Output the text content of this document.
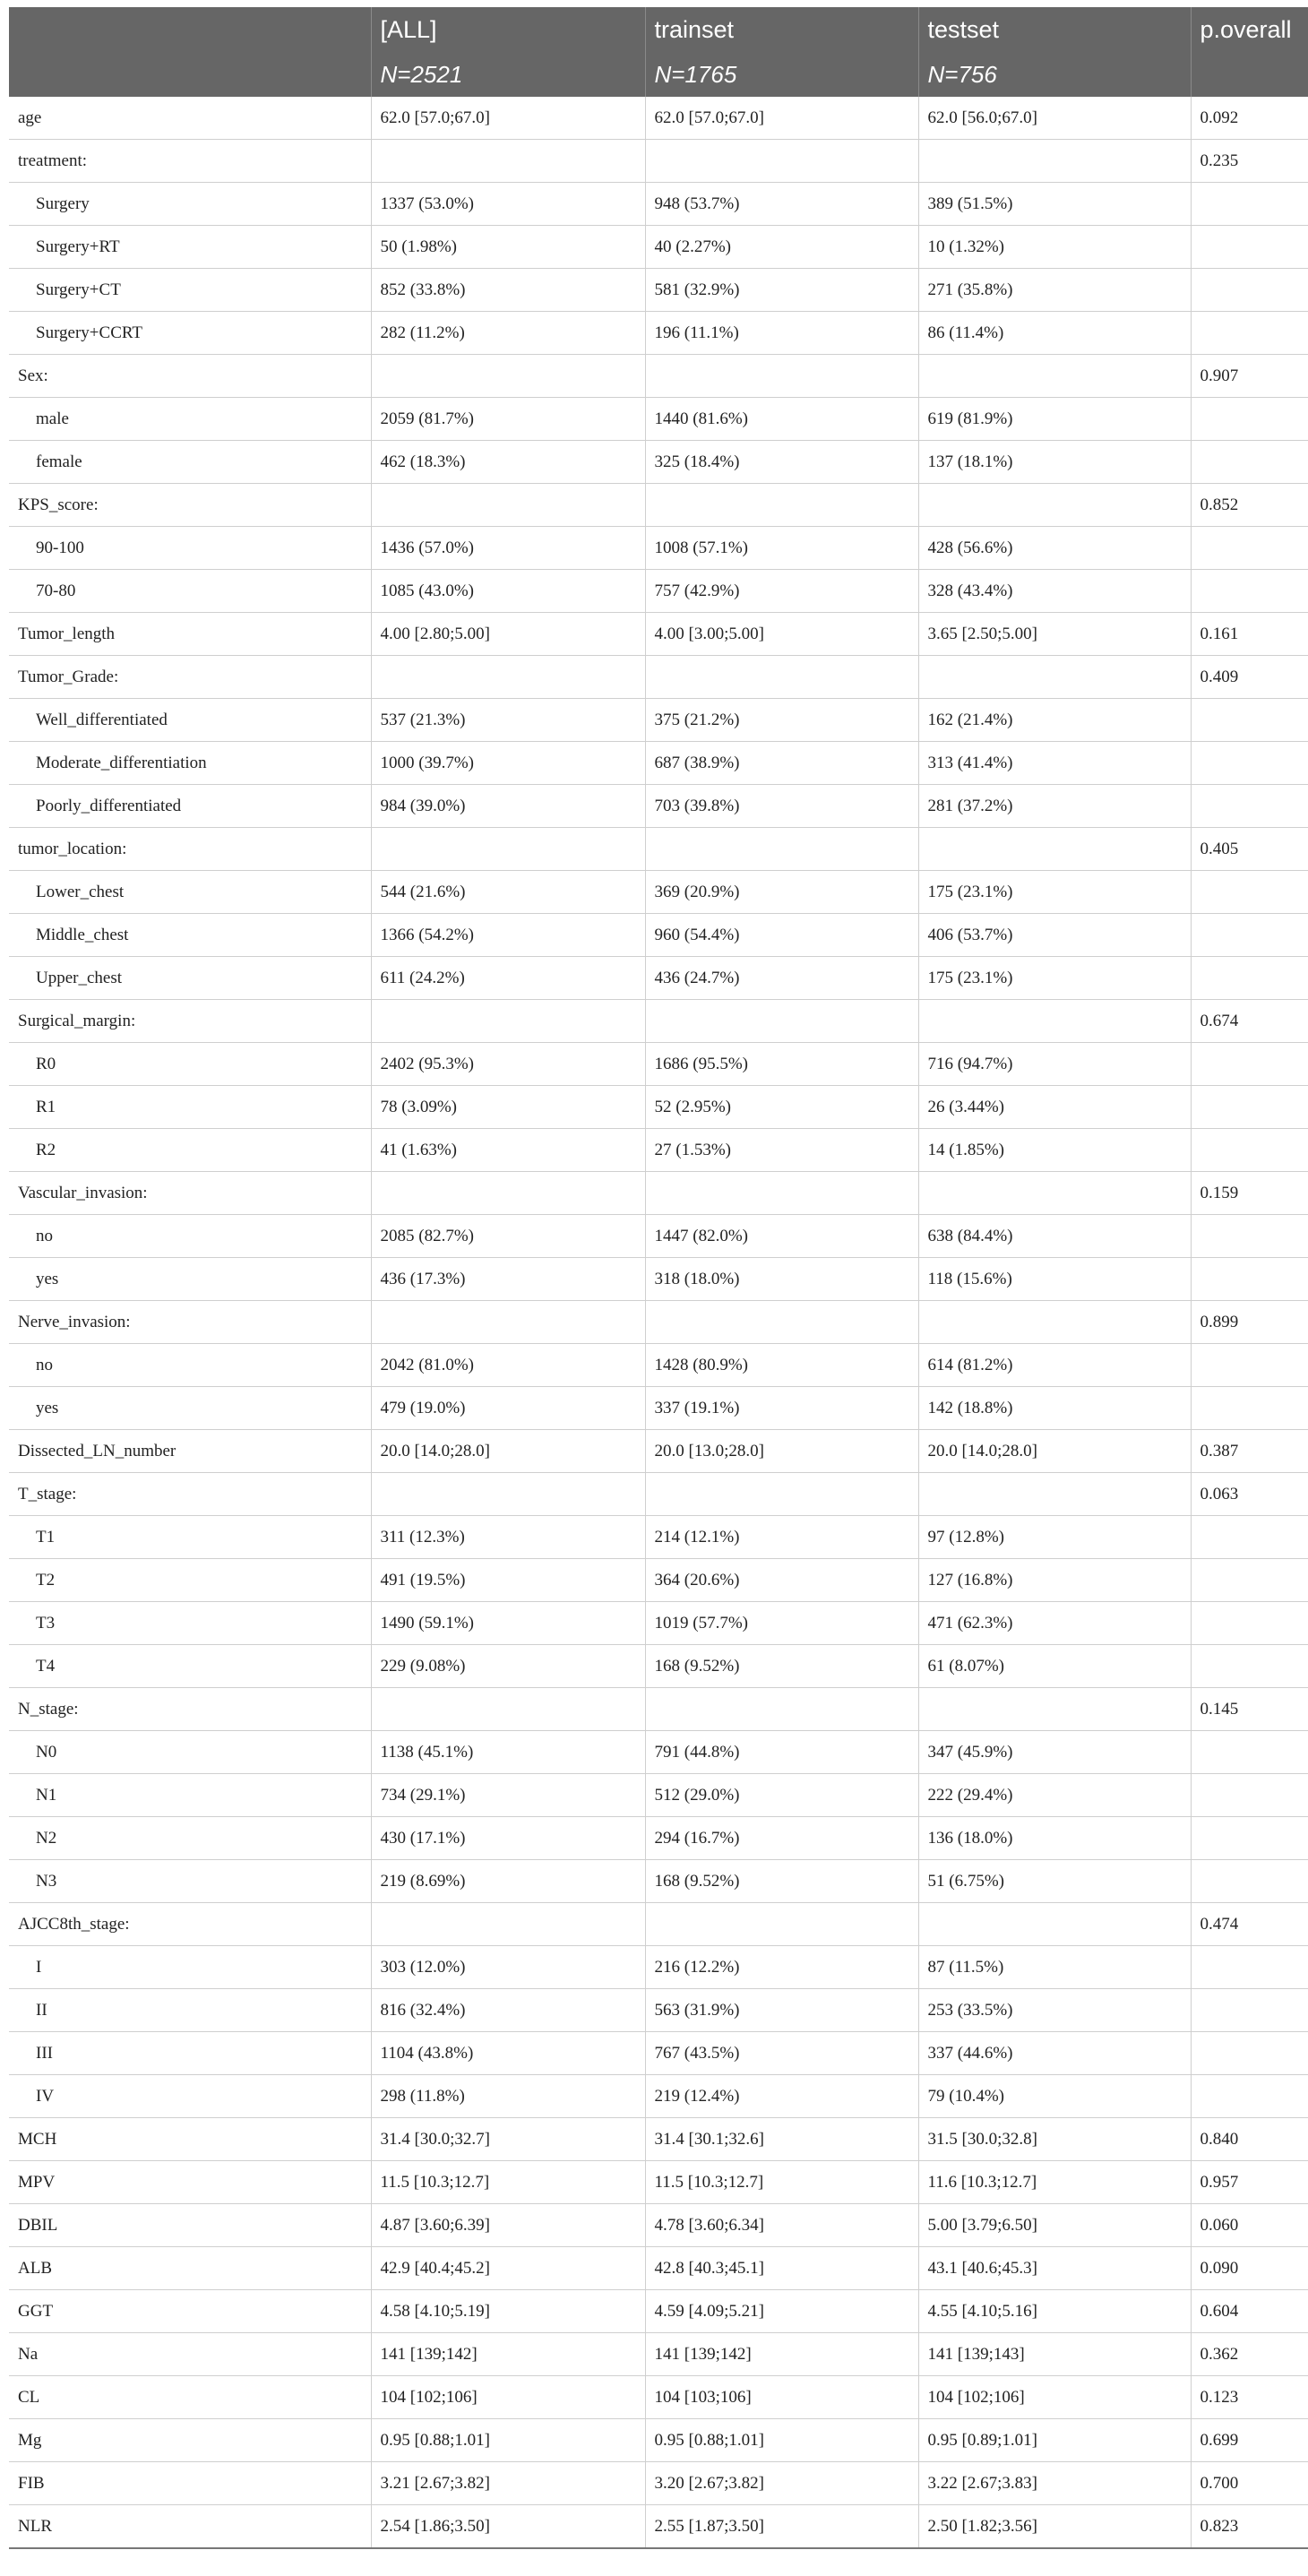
	[ALL]	trainset	testset	p.overall
	N=2521	N=1765	N=756	
age	62.0 [57.0;67.0]	62.0 [57.0;67.0]	62.0 [56.0;67.0]	0.092
treatment:				0.235
Surgery	1337 (53.0%)	948 (53.7%)	389 (51.5%)	
Surgery+RT	50 (1.98%)	40 (2.27%)	10 (1.32%)	
Surgery+CT	852 (33.8%)	581 (32.9%)	271 (35.8%)	
Surgery+CCRT	282 (11.2%)	196 (11.1%)	86 (11.4%)	
Sex:				0.907
male	2059 (81.7%)	1440 (81.6%)	619 (81.9%)	
female	462 (18.3%)	325 (18.4%)	137 (18.1%)	
KPS_score:				0.852
90-100	1436 (57.0%)	1008 (57.1%)	428 (56.6%)	
70-80	1085 (43.0%)	757 (42.9%)	328 (43.4%)	
Tumor_length	4.00 [2.80;5.00]	4.00 [3.00;5.00]	3.65 [2.50;5.00]	0.161
Tumor_Grade:				0.409
Well_differentiated	537 (21.3%)	375 (21.2%)	162 (21.4%)	
Moderate_differentiation	1000 (39.7%)	687 (38.9%)	313 (41.4%)	
Poorly_differentiated	984 (39.0%)	703 (39.8%)	281 (37.2%)	
tumor_location:				0.405
Lower_chest	544 (21.6%)	369 (20.9%)	175 (23.1%)	
Middle_chest	1366 (54.2%)	960 (54.4%)	406 (53.7%)	
Upper_chest	611 (24.2%)	436 (24.7%)	175 (23.1%)	
Surgical_margin:				0.674
R0	2402 (95.3%)	1686 (95.5%)	716 (94.7%)	
R1	78 (3.09%)	52 (2.95%)	26 (3.44%)	
R2	41 (1.63%)	27 (1.53%)	14 (1.85%)	
Vascular_invasion:				0.159
no	2085 (82.7%)	1447 (82.0%)	638 (84.4%)	
yes	436 (17.3%)	318 (18.0%)	118 (15.6%)	
Nerve_invasion:				0.899
no	2042 (81.0%)	1428 (80.9%)	614 (81.2%)	
yes	479 (19.0%)	337 (19.1%)	142 (18.8%)	
Dissected_LN_number	20.0 [14.0;28.0]	20.0 [13.0;28.0]	20.0 [14.0;28.0]	0.387
T_stage:				0.063
T1	311 (12.3%)	214 (12.1%)	97 (12.8%)	
T2	491 (19.5%)	364 (20.6%)	127 (16.8%)	
T3	1490 (59.1%)	1019 (57.7%)	471 (62.3%)	
T4	229 (9.08%)	168 (9.52%)	61 (8.07%)	
N_stage:				0.145
N0	1138 (45.1%)	791 (44.8%)	347 (45.9%)	
N1	734 (29.1%)	512 (29.0%)	222 (29.4%)	
N2	430 (17.1%)	294 (16.7%)	136 (18.0%)	
N3	219 (8.69%)	168 (9.52%)	51 (6.75%)	
AJCC8th_stage:				0.474
I	303 (12.0%)	216 (12.2%)	87 (11.5%)	
II	816 (32.4%)	563 (31.9%)	253 (33.5%)	
III	1104 (43.8%)	767 (43.5%)	337 (44.6%)	
IV	298 (11.8%)	219 (12.4%)	79 (10.4%)	
MCH	31.4 [30.0;32.7]	31.4 [30.1;32.6]	31.5 [30.0;32.8]	0.840
MPV	11.5 [10.3;12.7]	11.5 [10.3;12.7]	11.6 [10.3;12.7]	0.957
DBIL	4.87 [3.60;6.39]	4.78 [3.60;6.34]	5.00 [3.79;6.50]	0.060
ALB	42.9 [40.4;45.2]	42.8 [40.3;45.1]	43.1 [40.6;45.3]	0.090
GGT	4.58 [4.10;5.19]	4.59 [4.09;5.21]	4.55 [4.10;5.16]	0.604
Na	141 [139;142]	141 [139;142]	141 [139;143]	0.362
CL	104 [102;106]	104 [103;106]	104 [102;106]	0.123
Mg	0.95 [0.88;1.01]	0.95 [0.88;1.01]	0.95 [0.89;1.01]	0.699
FIB	3.21 [2.67;3.82]	3.20 [2.67;3.82]	3.22 [2.67;3.83]	0.700
NLR	2.54 [1.86;3.50]	2.55 [1.87;3.50]	2.50 [1.82;3.56]	0.823
